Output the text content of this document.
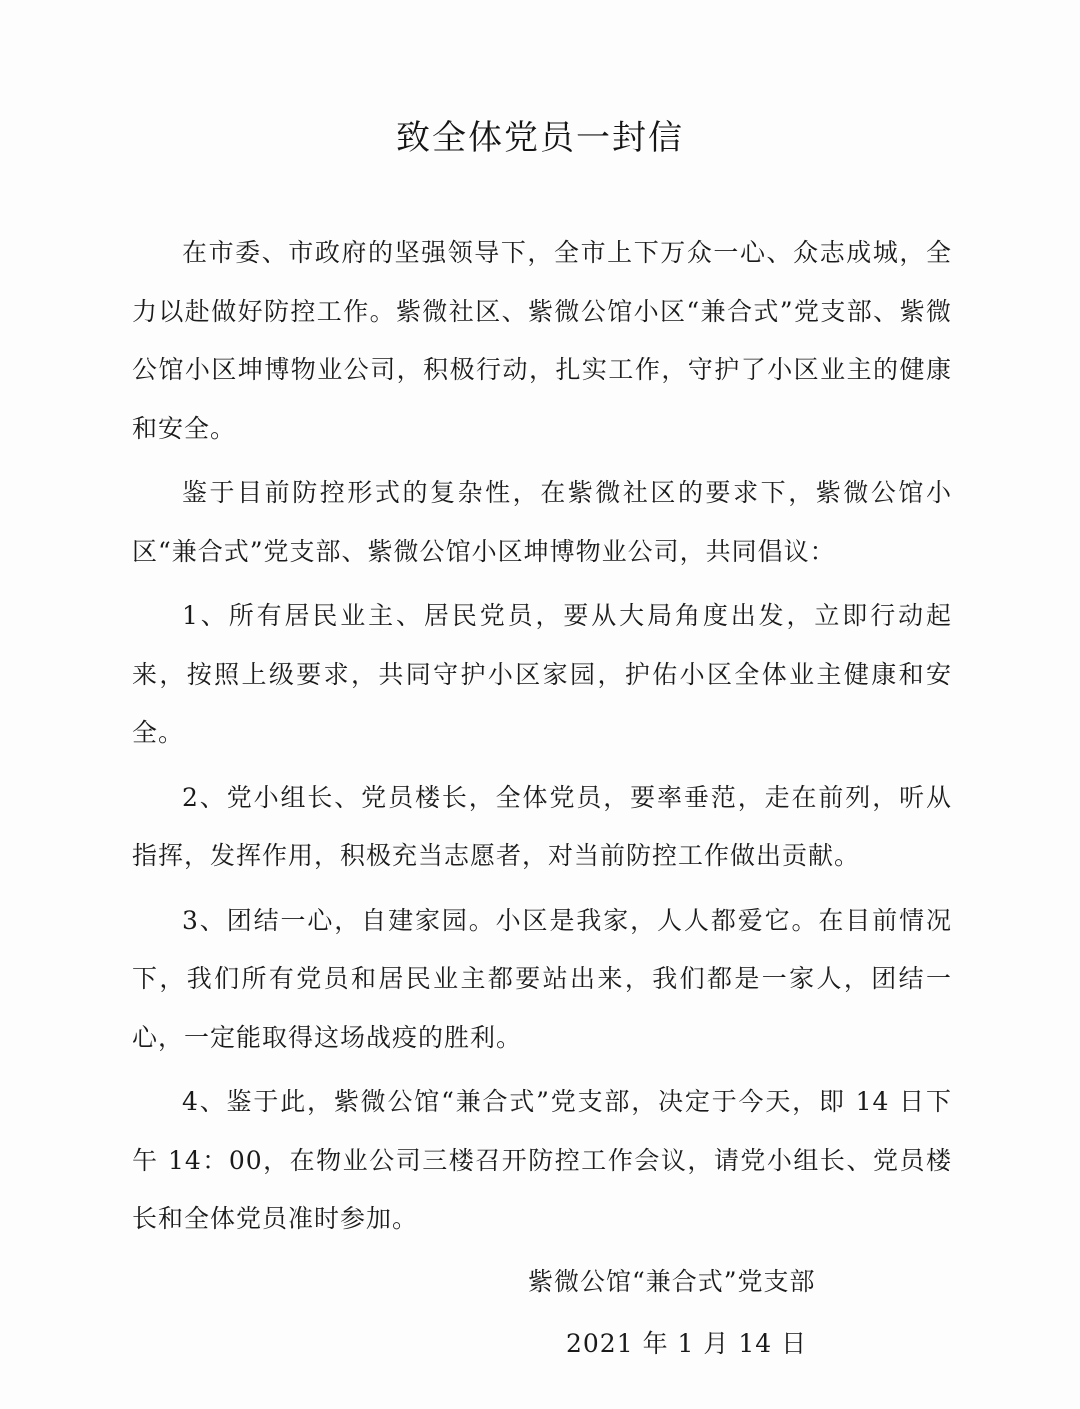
致全体党员一封信

在市委、市政府的坚强领导下，全市上下万众一心、众志成城，全力以赴做好防控工作。紫微社区、紫微公馆小区“兼合式”党支部、紫微公馆小区坤博物业公司，积极行动，扎实工作，守护了小区业主的健康和安全。

鉴于目前防控形式的复杂性，在紫微社区的要求下，紫微公馆小区“兼合式”党支部、紫微公馆小区坤博物业公司，共同倡议：

1、所有居民业主、居民党员，要从大局角度出发，立即行动起来，按照上级要求，共同守护小区家园，护佑小区全体业主健康和安全。

2、党小组长、党员楼长，全体党员，要率垂范，走在前列，听从指挥，发挥作用，积极充当志愿者，对当前防控工作做出贡献。

3、团结一心，自建家园。小区是我家，人人都爱它。在目前情况下，我们所有党员和居民业主都要站出来，我们都是一家人，团结一心，一定能取得这场战疫的胜利。

4、鉴于此，紫微公馆“兼合式”党支部，决定于今天，即 14 日下午 14：00，在物业公司三楼召开防控工作会议，请党小组长、党员楼长和全体党员准时参加。

紫微公馆“兼合式”党支部
2021 年 1 月 14 日
